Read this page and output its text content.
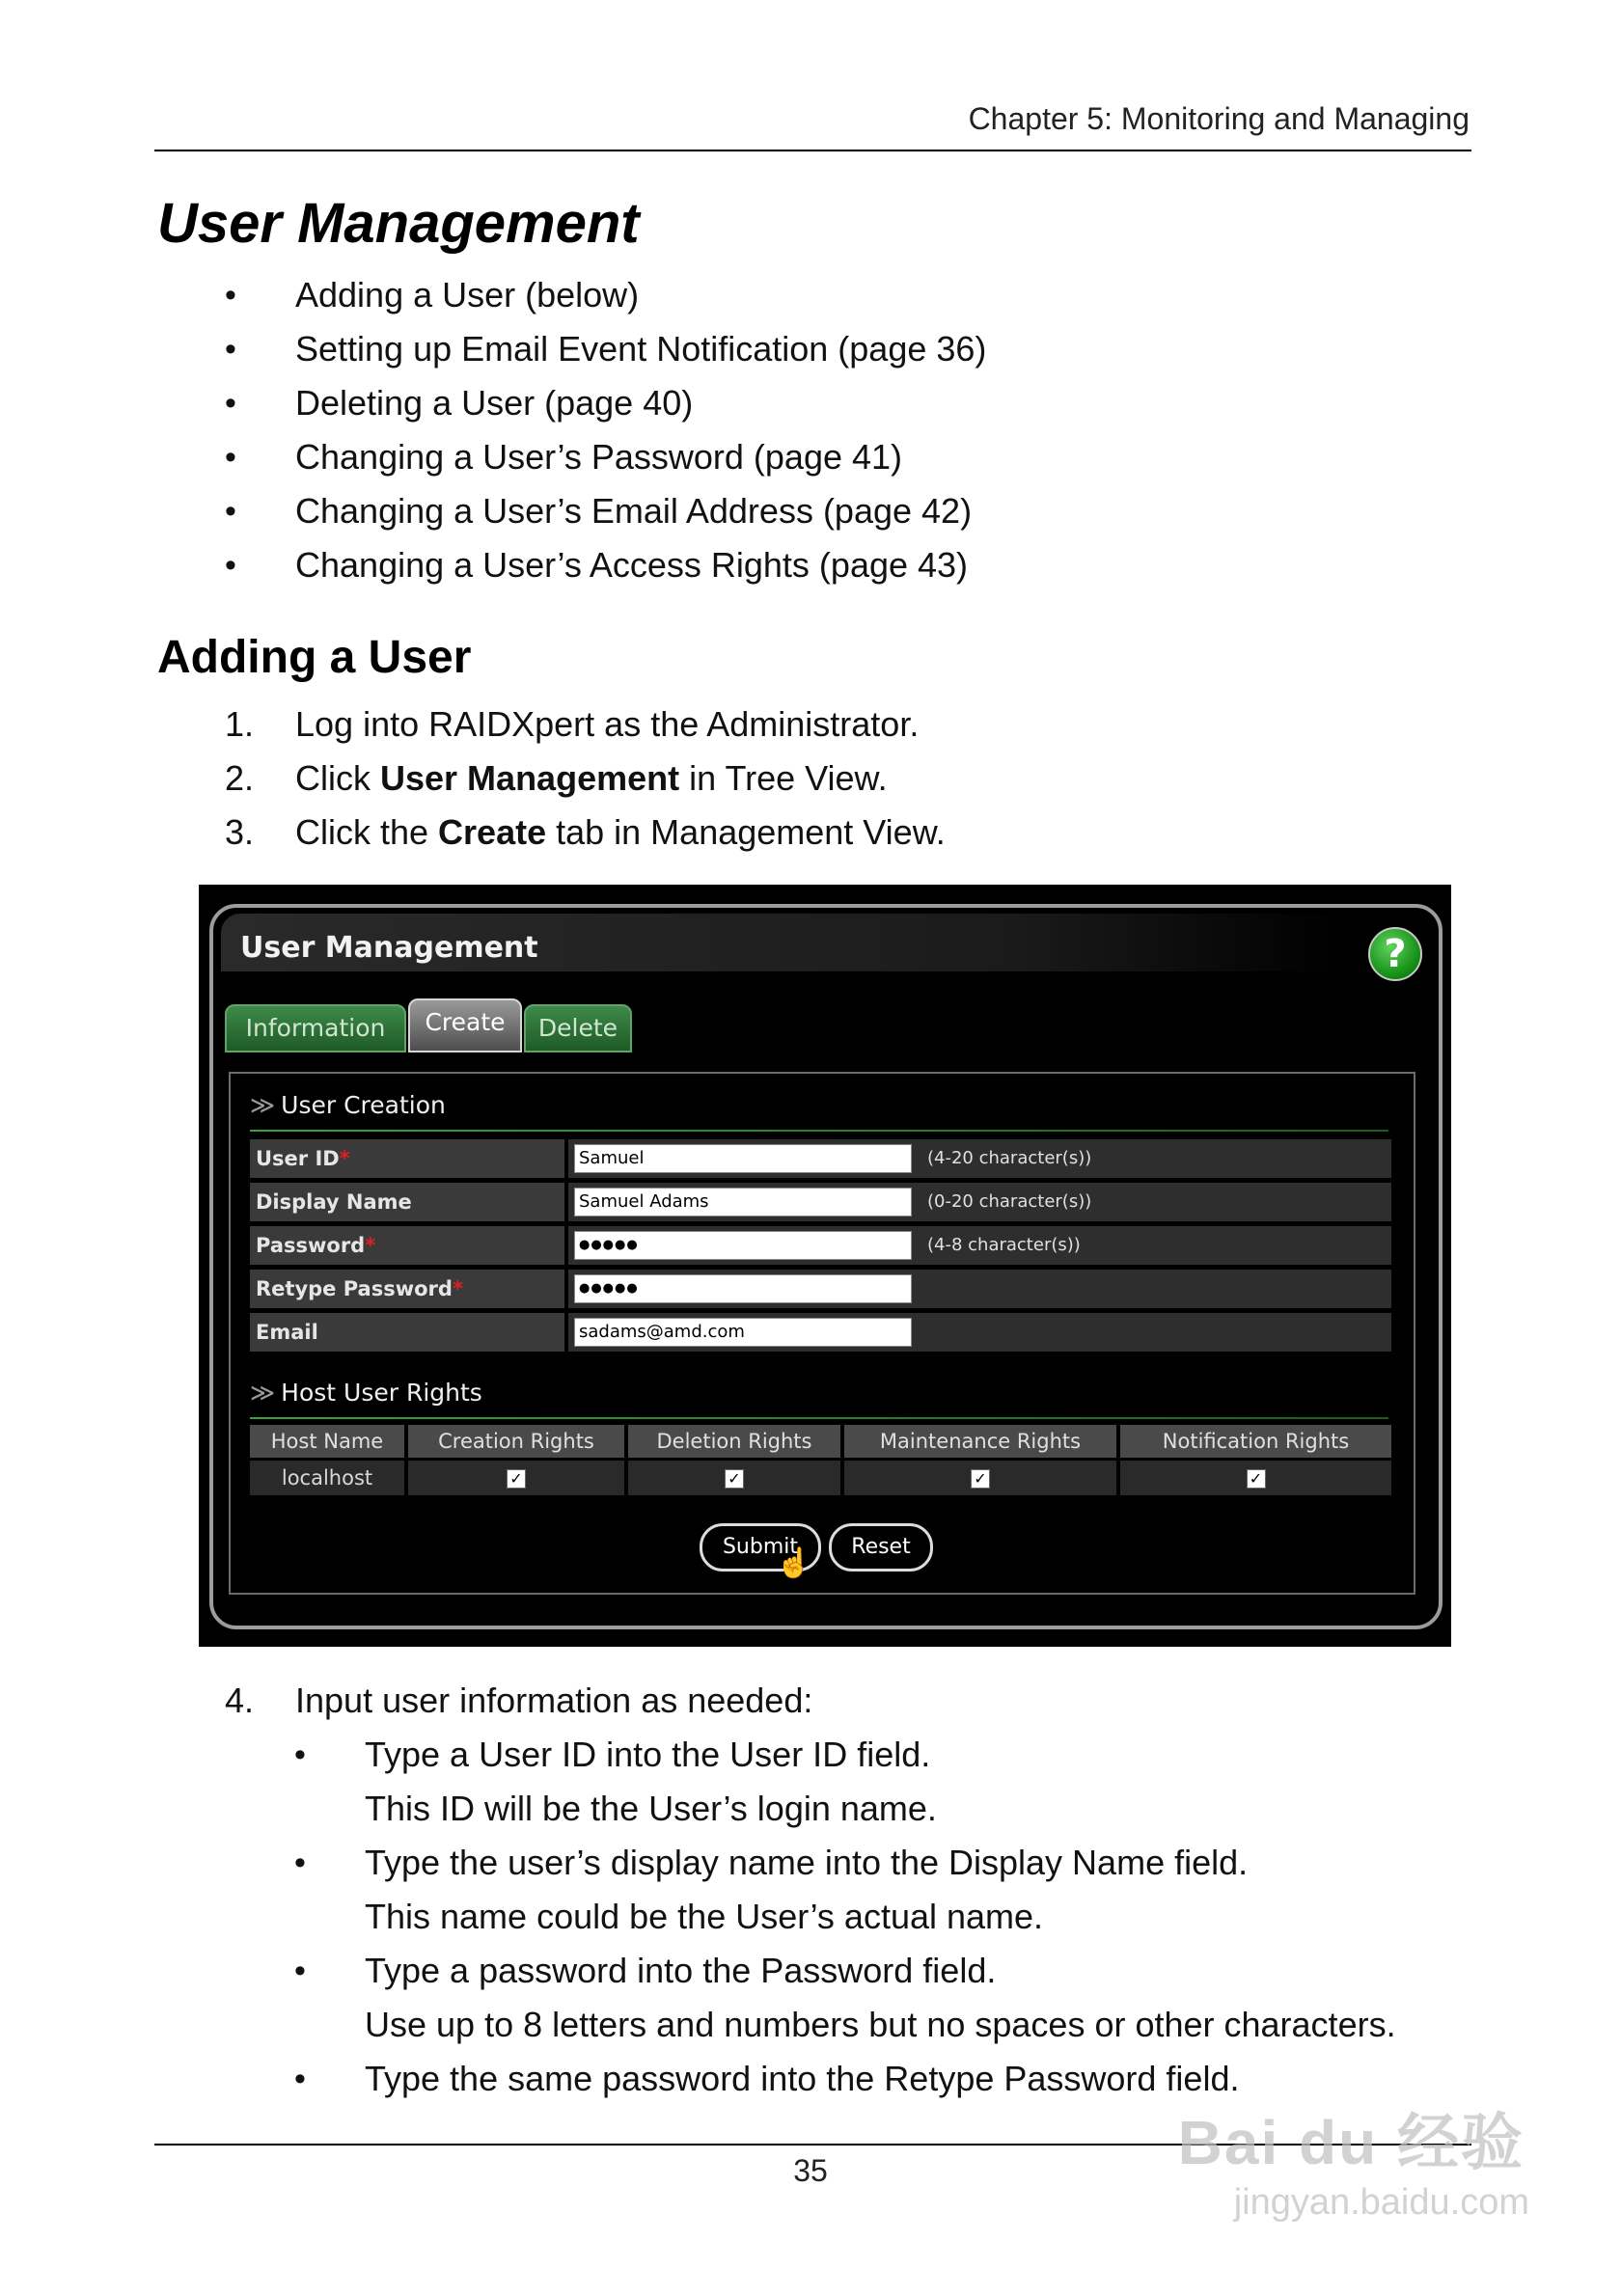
Chapter 5: Monitoring and Managing
User Management
• Adding a User (below)
• Setting up Email Event Notification (page 36)
• Deleting a User (page 40)
• Changing a User’s Password (page 41)
• Changing a User’s Email Address (page 42)
• Changing a User’s Access Rights (page 43)
Adding a User
1. Log into RAIDXpert as the Administrator.
2. Click User Management in Tree View.
3. Click the Create tab in Management View.
User Management	?
Information	Create	Delete
≫ User Creation
User ID*	Samuel	(4-20 character(s))
Display Name	Samuel Adams	(0-20 character(s))
Password*	●●●●●	(4-8 character(s))
Retype Password*	●●●●●
Email	sadams@amd.com
≫ Host User Rights
Host Name	Creation Rights	Deletion Rights	Maintenance Rights	Notification Rights
localhost	✓	✓	✓	✓
Submit	Reset
☝
4. Input user information as needed:
• Type a User ID into the User ID field.
This ID will be the User’s login name.
• Type the user’s display name into the Display Name field.
This name could be the User’s actual name.
• Type a password into the Password field.
Use up to 8 letters and numbers but no spaces or other characters.
• Type the same password into the Retype Password field.
35	Bai du 经验
jingyan.baidu.com
